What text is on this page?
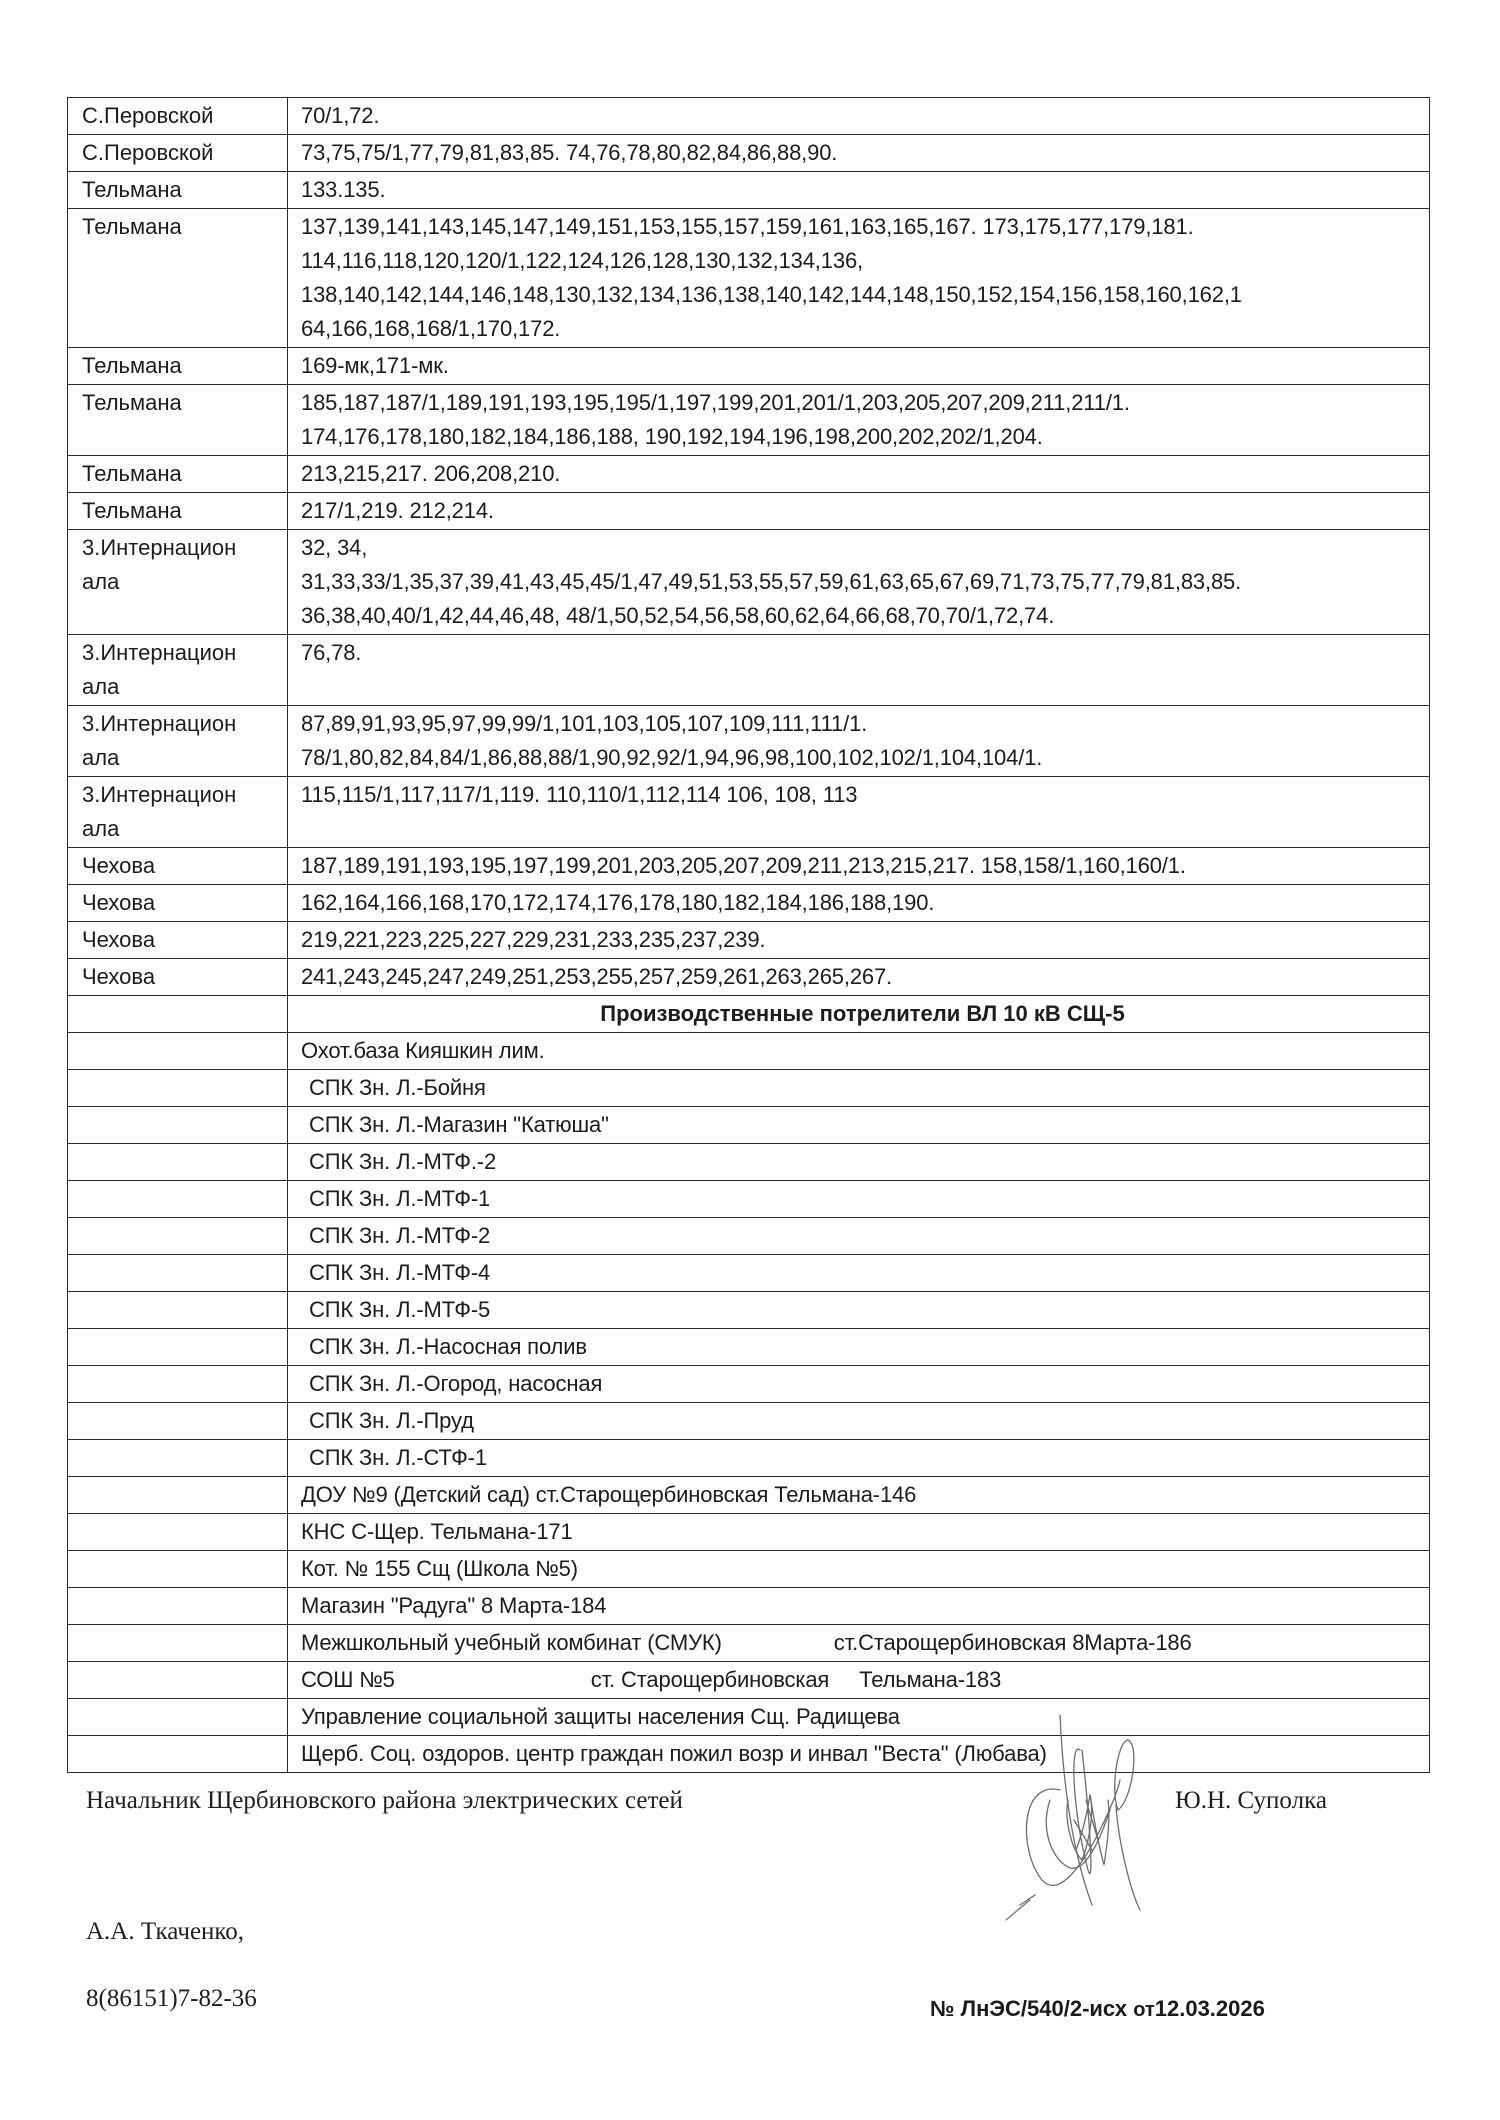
С.Перовской	70/1,72.

С.Перовской	73,75,75/1,77,79,81,83,85. 74,76,78,80,82,84,86,88,90.

Тельмана	133.135.

Тельмана	137,139,141,143,145,147,149,151,153,155,157,159,161,163,165,167. 173,175,177,179,181.
114,116,118,120,120/1,122,124,126,128,130,132,134,136,
138,140,142,144,146,148,130,132,134,136,138,140,142,144,148,150,152,154,156,158,160,162,1
64,166,168,168/1,170,172.

Тельмана	169-мк,171-мк.

Тельмана	185,187,187/1,189,191,193,195,195/1,197,199,201,201/1,203,205,207,209,211,211/1.
174,176,178,180,182,184,186,188, 190,192,194,196,198,200,202,202/1,204.

Тельмана	213,215,217. 206,208,210.

Тельмана	217/1,219. 212,214.

3.Интернацион
ала	32, 34,
31,33,33/1,35,37,39,41,43,45,45/1,47,49,51,53,55,57,59,61,63,65,67,69,71,73,75,77,79,81,83,85.
36,38,40,40/1,42,44,46,48, 48/1,50,52,54,56,58,60,62,64,66,68,70,70/1,72,74.

3.Интернацион
ала	76,78.

3.Интернацион
ала	87,89,91,93,95,97,99,99/1,101,103,105,107,109,111,111/1.
78/1,80,82,84,84/1,86,88,88/1,90,92,92/1,94,96,98,100,102,102/1,104,104/1.

3.Интернацион
ала	115,115/1,117,117/1,119. 110,110/1,112,114 106, 108, 113

Чехова	187,189,191,193,195,197,199,201,203,205,207,209,211,213,215,217. 158,158/1,160,160/1.

Чехова	162,164,166,168,170,172,174,176,178,180,182,184,186,188,190.

Чехова	219,221,223,225,227,229,231,233,235,237,239.

Чехова	241,243,245,247,249,251,253,255,257,259,261,263,265,267.

	Производственные потрелители ВЛ 10 кВ СЩ-5

	Охот.база Кияшкин лим.

	СПК Зн. Л.-Бойня

	СПК Зн. Л.-Магазин "Катюша"

	СПК Зн. Л.-МТФ.-2

	СПК Зн. Л.-МТФ-1

	СПК Зн. Л.-МТФ-2

	СПК Зн. Л.-МТФ-4

	СПК Зн. Л.-МТФ-5

	СПК Зн. Л.-Насосная полив

	СПК Зн. Л.-Огород, насосная

	СПК Зн. Л.-Пруд

	СПК Зн. Л.-СТФ-1

	ДОУ №9 (Детский сад) ст.Старощербиновская Тельмана-146

	КНС С-Щер. Тельмана-171

	Кот. № 155 Сщ (Школа №5)

	Магазин "Радуга" 8 Марта-184

	Межшкольный учебный комбинат (СМУК) ст.Старощербиновская 8Марта-186

	СОШ №5 ст. Старощербиновская Тельмана-183

	Управление социальной защиты населения Сщ. Радищева

	Щерб. Соц. оздоров. центр граждан пожил возр и инвал "Веста" (Любава)
Начальник Щербиновского района электрических сетей	Ю.Н. Суполка
А.А. Ткаченко,
8(86151)7-82-36	№ ЛнЭС/540/2-исх от12.03.2026
